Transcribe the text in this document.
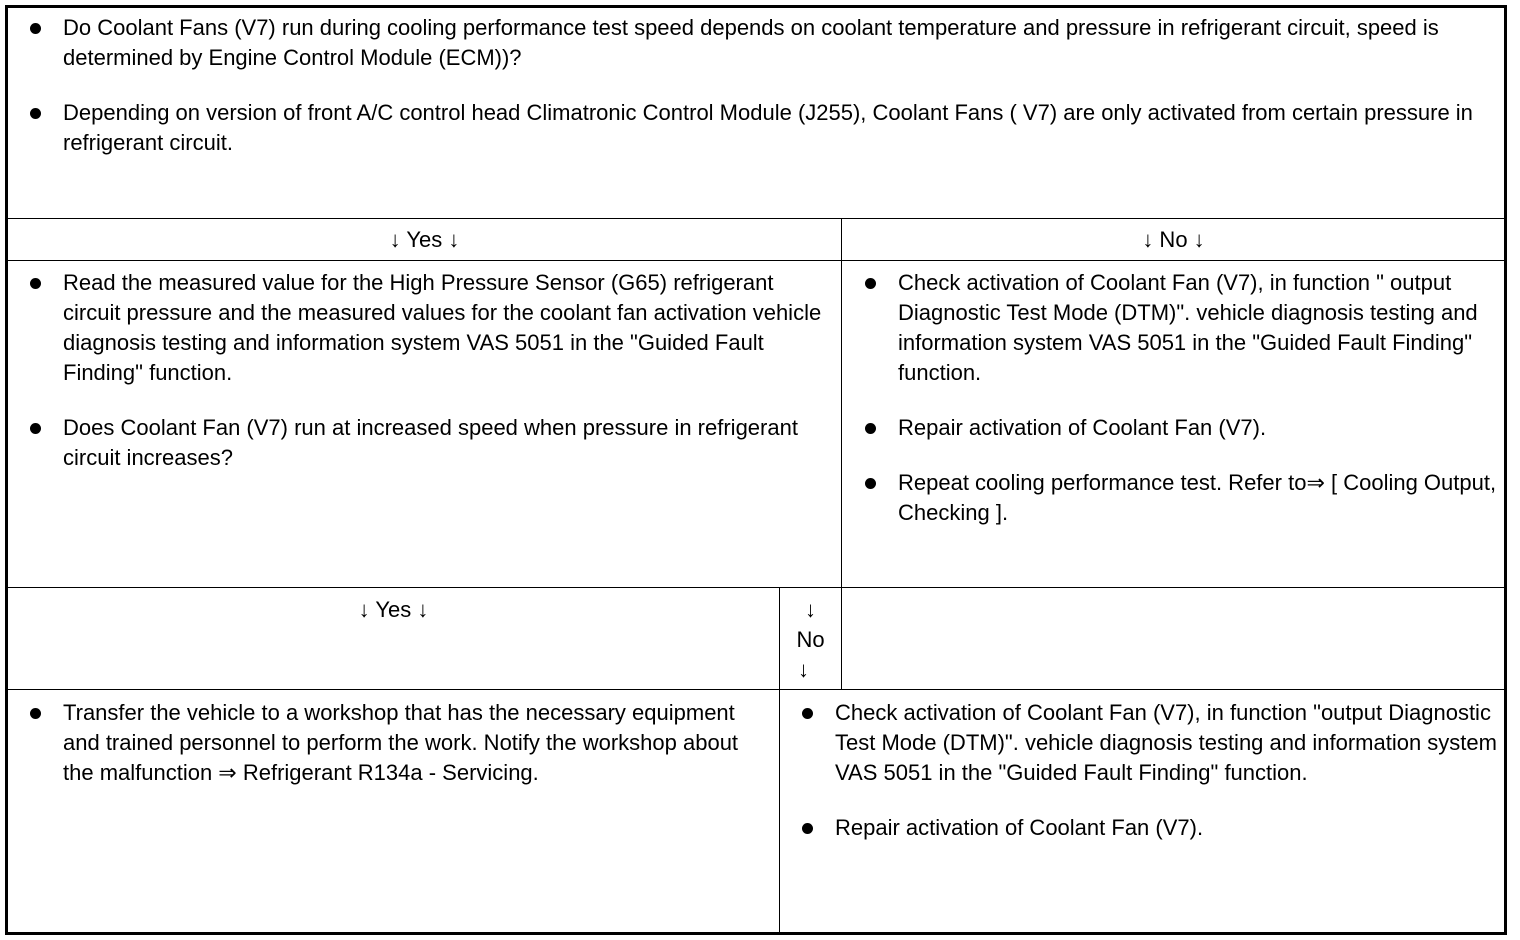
Do Coolant Fans (V7) run during cooling performance test speed depends on coolant temperature and pressure in refrigerant circuit, speed is determined by Engine Control Module (ECM))?
Depending on version of front A/C control head Climatronic Control Module (J255), Coolant Fans ( V7) are only activated from certain pressure in refrigerant circuit.
↓ Yes ↓	↓ No ↓
Read the measured value for the High Pressure Sensor (G65) refrigerant circuit pressure and the measured values for the coolant fan activation vehicle diagnosis testing and information system VAS 5051 in the "Guided Fault Finding" function.
Does Coolant Fan (V7) run at increased speed when pressure in refrigerant circuit increases?
Check activation of Coolant Fan (V7), in function " output Diagnostic Test Mode (DTM)". vehicle diagnosis testing and information system VAS 5051 in the "Guided Fault Finding" function.
Repair activation of Coolant Fan (V7).
Repeat cooling performance test. Refer to⇒ [ Cooling Output, Checking ].
↓ Yes ↓	↓
No
↓
Transfer the vehicle to a workshop that has the necessary equipment and trained personnel to perform the work. Notify the workshop about the malfunction ⇒ Refrigerant R134a - Servicing.
Check activation of Coolant Fan (V7), in function "output Diagnostic Test Mode (DTM)". vehicle diagnosis testing and information system VAS 5051 in the "Guided Fault Finding" function.
Repair activation of Coolant Fan (V7).
